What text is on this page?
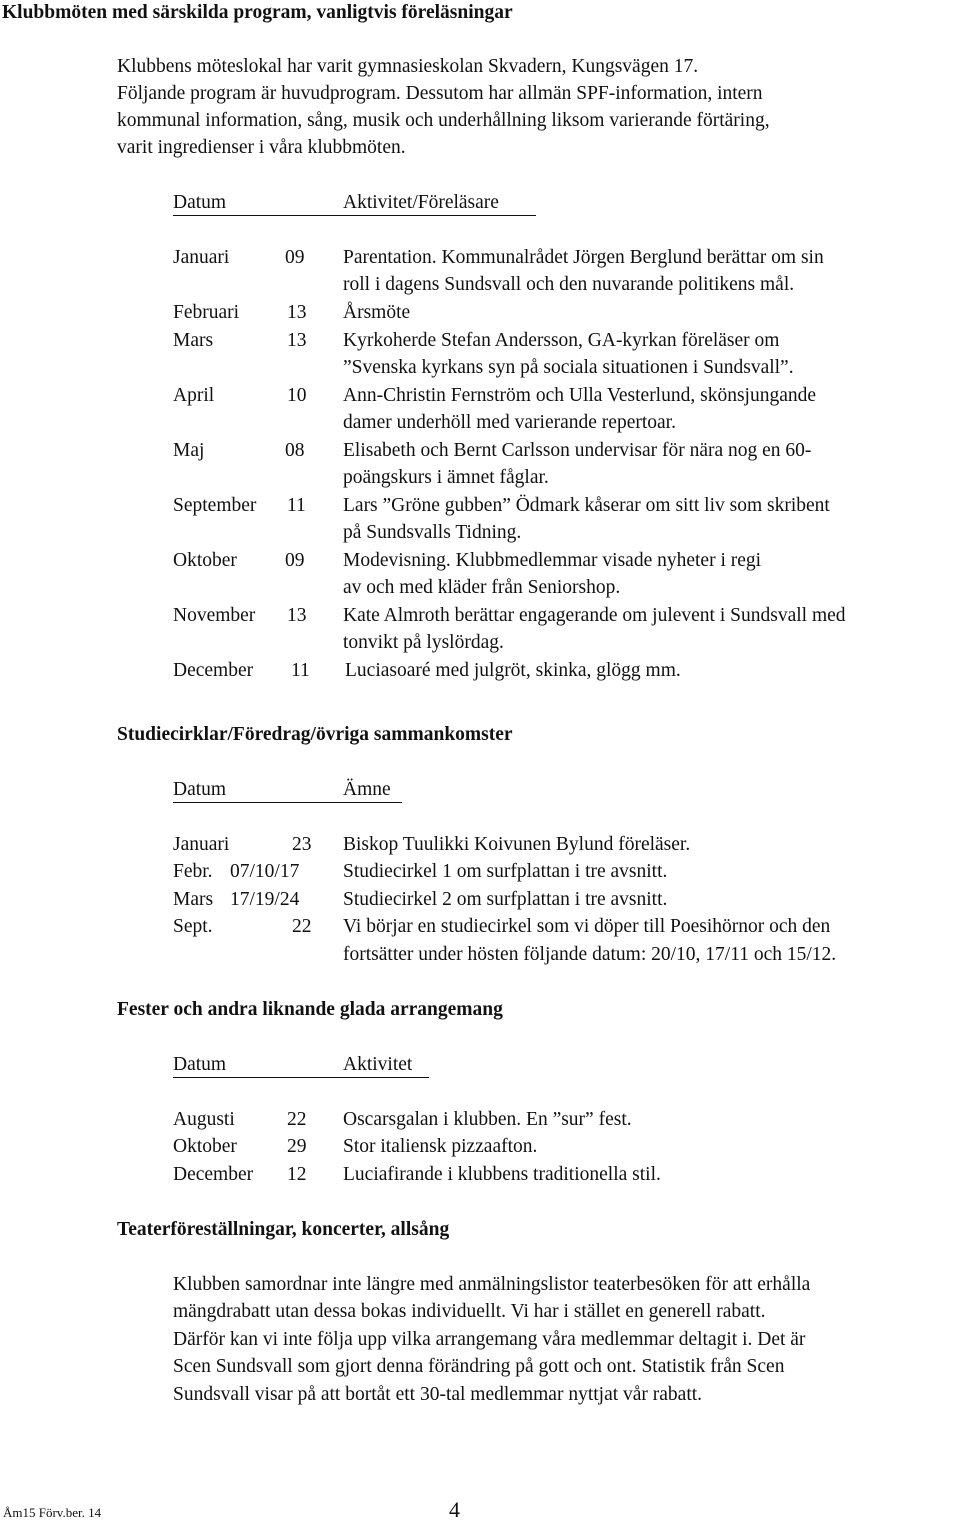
Klubbmöten med särskilda program, vanligtvis föreläsningar
Klubbens möteslokal har varit gymnasieskolan Skvadern, Kungsvägen 17.
Följande program är huvudprogram. Dessutom har allmän SPF-information, intern
kommunal information, sång, musik och underhållning liksom varierande förtäring,
varit ingredienser i våra klubbmöten.
Datum	Aktivitet/Föreläsare
Januari	09 Parentation. Kommunalrådet Jörgen Berglund berättar om sin
roll i dagens Sundsvall och den nuvarande politikens mål.
Februari 13 Årsmöte
Mars	13 Kyrkoherde Stefan Andersson, GA-kyrkan föreläser om
”Svenska kyrkans syn på sociala situationen i Sundsvall”.
April	10 Ann-Christin Fernström och Ulla Vesterlund, skönsjungande
damer underhöll med varierande repertoar.
Maj	08 Elisabeth och Bernt Carlsson undervisar för nära nog en 60-
poängskurs i ämnet fåglar.
September 11 Lars ”Gröne gubben” Ödmark kåserar om sitt liv som skribent
på Sundsvalls Tidning.
Oktober 09 Modevisning. Klubbmedlemmar visade nyheter i regi
av och med kläder från Seniorshop.
November 13 Kate Almroth berättar engagerande om julevent i Sundsvall med
tonvikt på lyslördag.
December 11 Luciasoaré med julgröt, skinka, glögg mm.
Studiecirklar/Föredrag/övriga sammankomster
Datum	Ämne
Januari	23 Biskop Tuulikki Koivunen Bylund föreläser.
Febr. 07/10/17 Studiecirkel 1 om surfplattan i tre avsnitt.
Mars 17/19/24 Studiecirkel 2 om surfplattan i tre avsnitt.
Sept.	22 Vi börjar en studiecirkel som vi döper till Poesihörnor och den
fortsätter under hösten följande datum: 20/10, 17/11 och 15/12.
Fester och andra liknande glada arrangemang
Datum	Aktivitet
Augusti	22 Oscarsgalan i klubben. En ”sur” fest.
Oktober	29 Stor italiensk pizzaafton.
December 12 Luciafirande i klubbens traditionella stil.
Teaterföreställningar, koncerter, allsång
Klubben samordnar inte längre med anmälningslistor teaterbesöken för att erhålla
mängdrabatt utan dessa bokas individuellt. Vi har i stället en generell rabatt.
Därför kan vi inte följa upp vilka arrangemang våra medlemmar deltagit i. Det är
Scen Sundsvall som gjort denna förändring på gott och ont. Statistik från Scen
Sundsvall visar på att bortåt ett 30-tal medlemmar nyttjat vår rabatt.
Åm15 Förv.ber. 14	4
